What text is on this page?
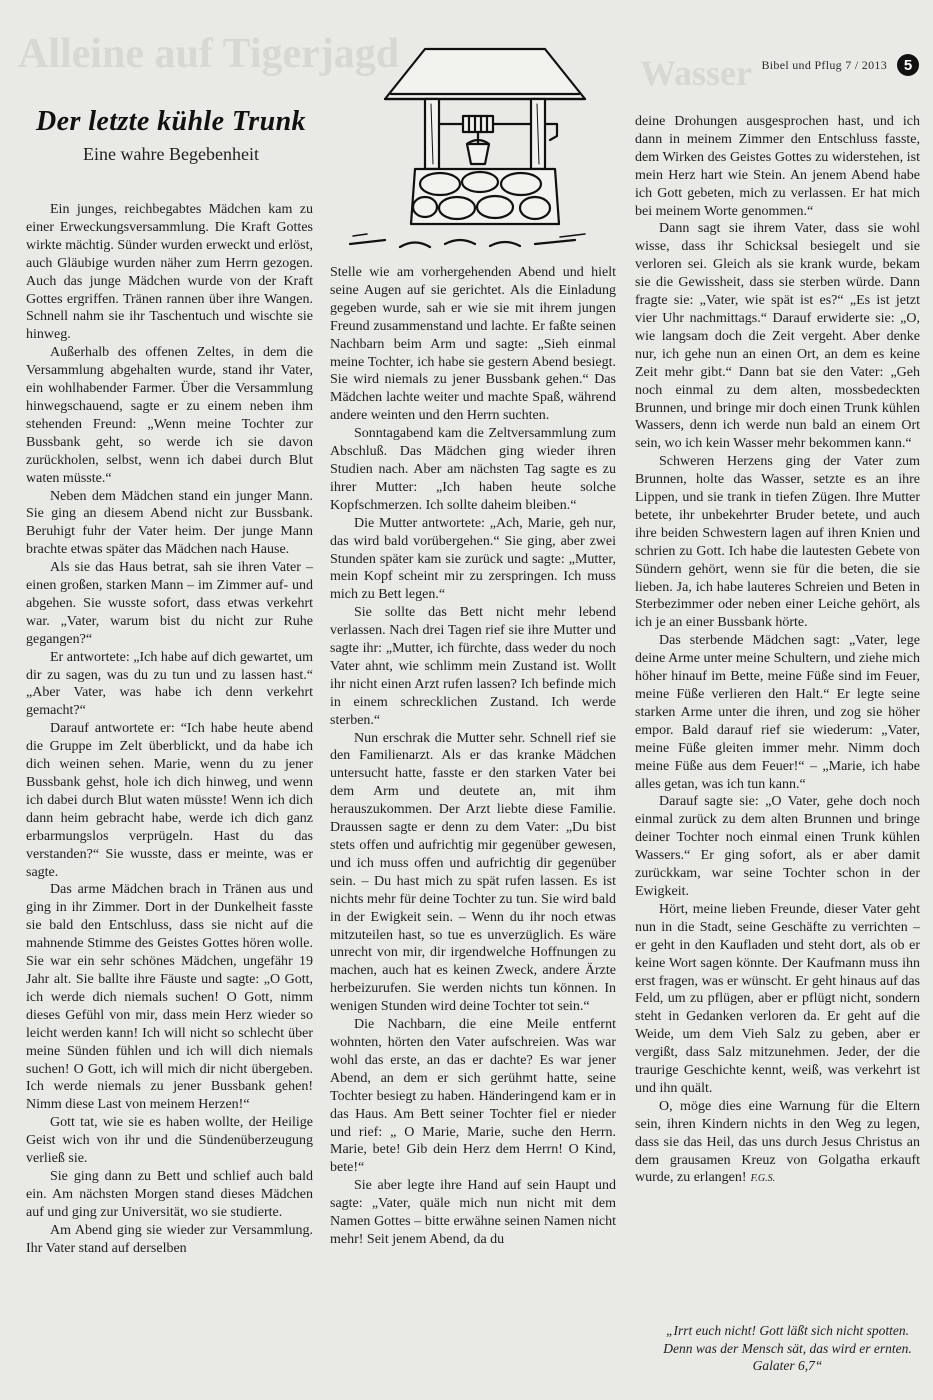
Alleine auf Tigerjagd	Wasser Bibel und Pflug 7 / 2013	5
Der letzte kühle Trunk
Eine wahre Begebenheit

Ein junges, reichbegabtes Mädchen kam zu einer Erweckungsversammlung. Die Kraft Gottes wirkte mächtig. Sünder wurden erweckt und erlöst, auch Gläubige wurden näher zum Herrn gezogen. Auch das junge Mädchen wurde von der Kraft Gottes ergriffen. Tränen rannen über ihre Wangen. Schnell nahm sie ihr Taschentuch und wischte sie hinweg.

Außerhalb des offenen Zeltes, in dem die Versammlung abgehalten wurde, stand ihr Vater, ein wohlhabender Farmer. Über die Versammlung hinwegschauend, sagte er zu einem neben ihm stehenden Freund: „Wenn meine Tochter zur Bussbank geht, so werde ich sie davon zurückholen, selbst, wenn ich dabei durch Blut waten müsste.“

Neben dem Mädchen stand ein junger Mann. Sie ging an diesem Abend nicht zur Bussbank. Beruhigt fuhr der Vater heim. Der junge Mann brachte etwas später das Mädchen nach Hause.

Als sie das Haus betrat, sah sie ihren Vater – einen großen, starken Mann – im Zimmer auf- und abgehen. Sie wusste sofort, dass etwas verkehrt war. „Vater, warum bist du nicht zur Ruhe gegangen?“

Er antwortete: „Ich habe auf dich gewartet, um dir zu sagen, was du zu tun und zu lassen hast.“ „Aber Vater, was habe ich denn verkehrt gemacht?“

Darauf antwortete er: “Ich habe heute abend die Gruppe im Zelt überblickt, und da habe ich dich weinen sehen. Marie, wenn du zu jener Bussbank gehst, hole ich dich hinweg, und wenn ich dabei durch Blut waten müsste! Wenn ich dich dann heim gebracht habe, werde ich dich ganz erbarmungslos verprügeln. Hast du das verstanden?“ Sie wusste, dass er meinte, was er sagte.

Das arme Mädchen brach in Tränen aus und ging in ihr Zimmer. Dort in der Dunkelheit fasste sie bald den Entschluss, dass sie nicht auf die mahnende Stimme des Geistes Gottes hören wolle. Sie war ein sehr schönes Mädchen, ungefähr 19 Jahr alt. Sie ballte ihre Fäuste und sagte: „O Gott, ich werde dich niemals suchen! O Gott, nimm dieses Gefühl von mir, dass mein Herz wieder so leicht werden kann! Ich will nicht so schlecht über meine Sünden fühlen und ich will dich niemals suchen! O Gott, ich will mich dir nicht übergeben. Ich werde niemals zu jener Bussbank gehen! Nimm diese Last von meinem Herzen!“

Gott tat, wie sie es haben wollte, der Heilige Geist wich von ihr und die Sündenüberzeugung verließ sie.

Sie ging dann zu Bett und schlief auch bald ein. Am nächsten Morgen stand dieses Mädchen auf und ging zur Universität, wo sie studierte.

Am Abend ging sie wieder zur Versammlung. Ihr Vater stand auf derselben

Stelle wie am vorhergehenden Abend und hielt seine Augen auf sie gerichtet. Als die Einladung gegeben wurde, sah er wie sie mit ihrem jungen Freund zusammenstand und lachte. Er faßte seinen Nachbarn beim Arm und sagte: „Sieh einmal meine Tochter, ich habe sie gestern Abend besiegt. Sie wird niemals zu jener Bussbank gehen.“ Das Mädchen lachte weiter und machte Spaß, während andere weinten und den Herrn suchten.

Sonntagabend kam die Zeltversammlung zum Abschluß. Das Mädchen ging wieder ihren Studien nach. Aber am nächsten Tag sagte es zu ihrer Mutter: „Ich haben heute solche Kopfschmerzen. Ich sollte daheim bleiben.“

Die Mutter antwortete: „Ach, Marie, geh nur, das wird bald vorübergehen.“ Sie ging, aber zwei Stunden später kam sie zurück und sagte: „Mutter, mein Kopf scheint mir zu zerspringen. Ich muss mich zu Bett legen.“

Sie sollte das Bett nicht mehr lebend verlassen. Nach drei Tagen rief sie ihre Mutter und sagte ihr: „Mutter, ich fürchte, dass weder du noch Vater ahnt, wie schlimm mein Zustand ist. Wollt ihr nicht einen Arzt rufen lassen? Ich befinde mich in einem schrecklichen Zustand. Ich werde sterben.“

Nun erschrak die Mutter sehr. Schnell rief sie den Familienarzt. Als er das kranke Mädchen untersucht hatte, fasste er den starken Vater bei dem Arm und deutete an, mit ihm herauszukommen. Der Arzt liebte diese Familie. Draussen sagte er denn zu dem Vater: „Du bist stets offen und aufrichtig mir gegenüber gewesen, und ich muss offen und aufrichtig dir gegenüber sein. – Du hast mich zu spät rufen lassen. Es ist nichts mehr für deine Tochter zu tun. Sie wird bald in der Ewigkeit sein. – Wenn du ihr noch etwas mitzuteilen hast, so tue es unverzüglich. Es wäre unrecht von mir, dir irgendwelche Hoffnungen zu machen, auch hat es keinen Zweck, andere Ärzte herbeizurufen. Sie werden nichts tun können. In wenigen Stunden wird deine Tochter tot sein.“

Die Nachbarn, die eine Meile entfernt wohnten, hörten den Vater aufschreien. Was war wohl das erste, an das er dachte? Es war jener Abend, an dem er sich gerühmt hatte, seine Tochter besiegt zu haben. Händeringend kam er in das Haus. Am Bett seiner Tochter fiel er nieder und rief: „ O Marie, Marie, suche den Herrn. Marie, bete! Gib dein Herz dem Herrn! O Kind, bete!“

Sie aber legte ihre Hand auf sein Haupt und sagte: „Vater, quäle mich nun nicht mit dem Namen Gottes – bitte erwähne seinen Namen nicht mehr! Seit jenem Abend, da du

deine Drohungen ausgesprochen hast, und ich dann in meinem Zimmer den Entschluss fasste, dem Wirken des Geistes Gottes zu widerstehen, ist mein Herz hart wie Stein. An jenem Abend habe ich Gott gebeten, mich zu verlassen. Er hat mich bei meinem Worte genommen.“

Dann sagt sie ihrem Vater, dass sie wohl wisse, dass ihr Schicksal besiegelt und sie verloren sei. Gleich als sie krank wurde, bekam sie die Gewissheit, dass sie sterben würde. Dann fragte sie: „Vater, wie spät ist es?“ „Es ist jetzt vier Uhr nachmittags.“ Darauf erwiderte sie: „O, wie langsam doch die Zeit vergeht. Aber denke nur, ich gehe nun an einen Ort, an dem es keine Zeit mehr gibt.“ Dann bat sie den Vater: „Geh noch einmal zu dem alten, mossbedeckten Brunnen, und bringe mir doch einen Trunk kühlen Wassers, denn ich werde nun bald an einem Ort sein, wo ich kein Wasser mehr bekommen kann.“

Schweren Herzens ging der Vater zum Brunnen, holte das Wasser, setzte es an ihre Lippen, und sie trank in tiefen Zügen. Ihre Mutter betete, ihr unbekehrter Bruder betete, und auch ihre beiden Schwestern lagen auf ihren Knien und schrien zu Gott. Ich habe die lautesten Gebete von Sündern gehört, wenn sie für die beten, die sie lieben. Ja, ich habe lauteres Schreien und Beten in Sterbezimmer oder neben einer Leiche gehört, als ich je an einer Bussbank hörte.

Das sterbende Mädchen sagt: „Vater, lege deine Arme unter meine Schultern, und ziehe mich höher hinauf im Bette, meine Füße sind im Feuer, meine Füße verlieren den Halt.“ Er legte seine starken Arme unter die ihren, und zog sie höher empor. Bald darauf rief sie wiederum: „Vater, meine Füße gleiten immer mehr. Nimm doch meine Füße aus dem Feuer!“ – „Marie, ich habe alles getan, was ich tun kann.“

Darauf sagte sie: „O Vater, gehe doch noch einmal zurück zu dem alten Brunnen und bringe deiner Tochter noch einmal einen Trunk kühlen Wassers.“ Er ging sofort, als er aber damit zurückkam, war seine Tochter schon in der Ewigkeit.

Hört, meine lieben Freunde, dieser Vater geht nun in die Stadt, seine Geschäfte zu verrichten – er geht in den Kaufladen und steht dort, als ob er keine Wort sagen könnte. Der Kaufmann muss ihn erst fragen, was er wünscht. Er geht hinaus auf das Feld, um zu pflügen, aber er pflügt nicht, sondern steht in Gedanken verloren da. Er geht auf die Weide, um dem Vieh Salz zu geben, aber er vergißt, dass Salz mitzunehmen. Jeder, der die traurige Geschichte kennt, weiß, was verkehrt ist und ihn quält.

O, möge dies eine Warnung für die Eltern sein, ihren Kindern nichts in den Weg zu legen, dass sie das Heil, das uns durch Jesus Christus an dem grausamen Kreuz von Golgatha erkauft wurde, zu erlangen! F.G.S.

„Irrt euch nicht! Gott läßt sich nicht spotten. Denn was der Mensch sät, das wird er ernten. Galater 6,7“
